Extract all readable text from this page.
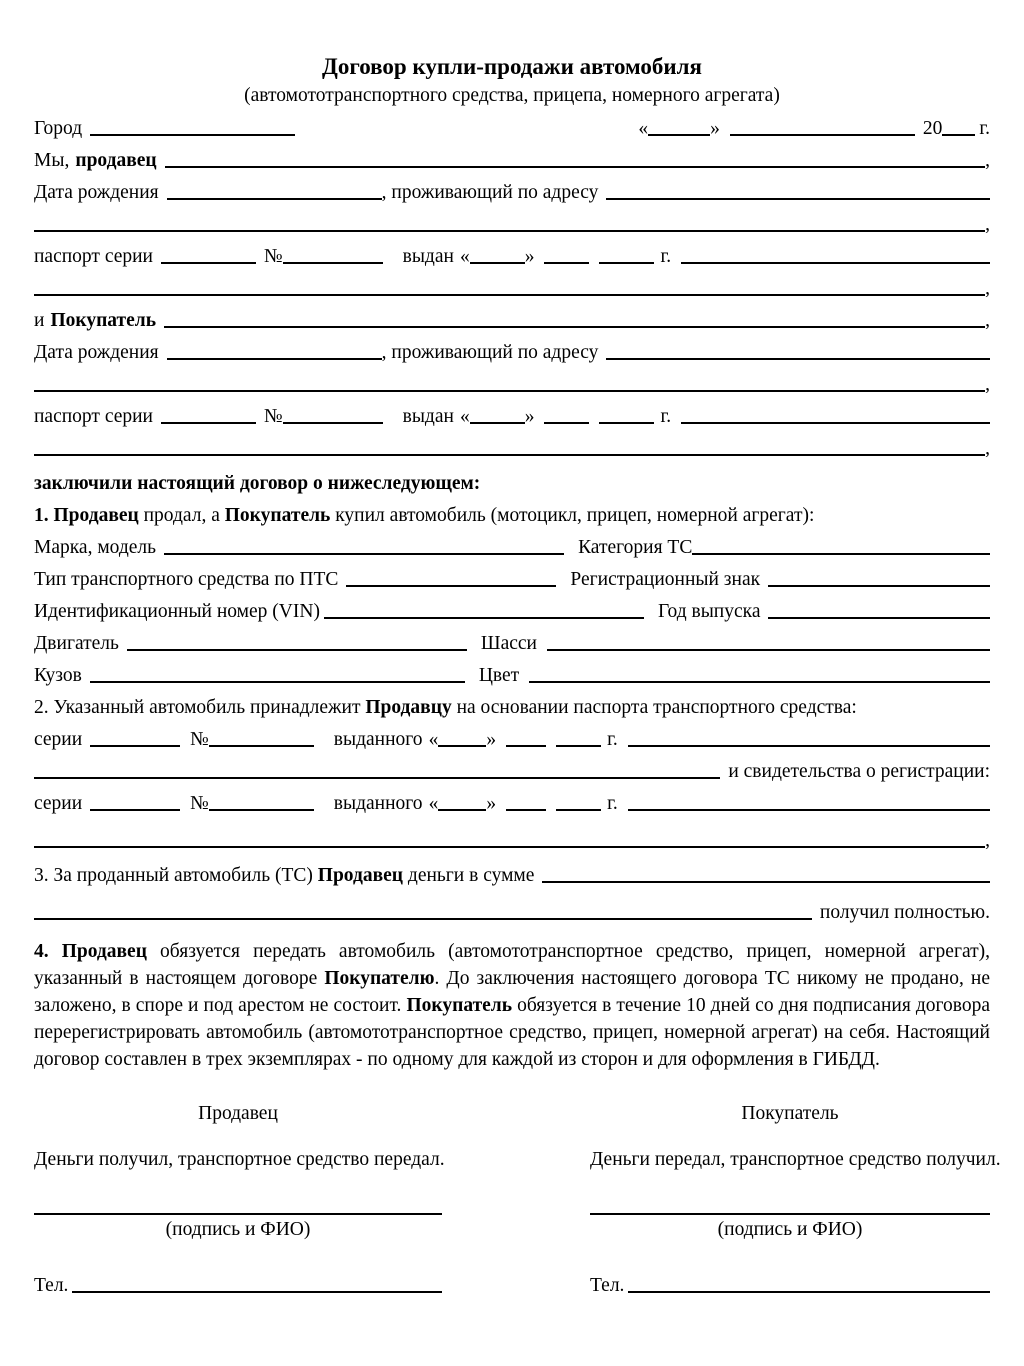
Договор купли-продажи автомобиля
(автомототранспортного средства, прицепа, номерного агрегата)
Город	«	»	20 г.
Мы, продавец	,
Дата рождения	, проживающий по адресу
,
паспорт серии	№	выдан «	»	г.
,
и Покупатель	,
Дата рождения	, проживающий по адресу
,
паспорт серии	№	выдан «	»	г.
,
заключили настоящий договор о нижеследующем:
1. Продавец продал, а Покупатель купил автомобиль (мотоцикл, прицеп, номерной агрегат):
Марка, модель	Категория ТС
Тип транспортного средства по ПТС	Регистрационный знак
Идентификационный номер (VIN)	Год выпуска
Двигатель	Шасси
Кузов	Цвет
2. Указанный автомобиль принадлежит Продавцу на основании паспорта транспортного средства:
серии	№	выданного « »	г.
и свидетельства о регистрации:
серии	№	выданного « »	г.
,
3. За проданный автомобиль (ТС) Продавец деньги в сумме
получил полностью.
4. Продавец обязуется передать автомобиль (автомототранспортное средство, прицеп, номерной агрегат), указанный в настоящем договоре Покупателю. До заключения настоящего договора ТС никому не продано, не заложено, в споре и под арестом не состоит. Покупатель обязуется в течение 10 дней со дня подписания договора перерегистрировать автомобиль (автомототранспортное средство, прицеп, номерной агрегат) на себя. Настоящий договор составлен в трех экземплярах - по одному для каждой из сторон и для оформления в ГИБДД.
Продавец
Деньги получил, транспортное средство передал.
(подпись и ФИО)
Тел.
Покупатель
Деньги передал, транспортное средство получил.
(подпись и ФИО)
Тел.
